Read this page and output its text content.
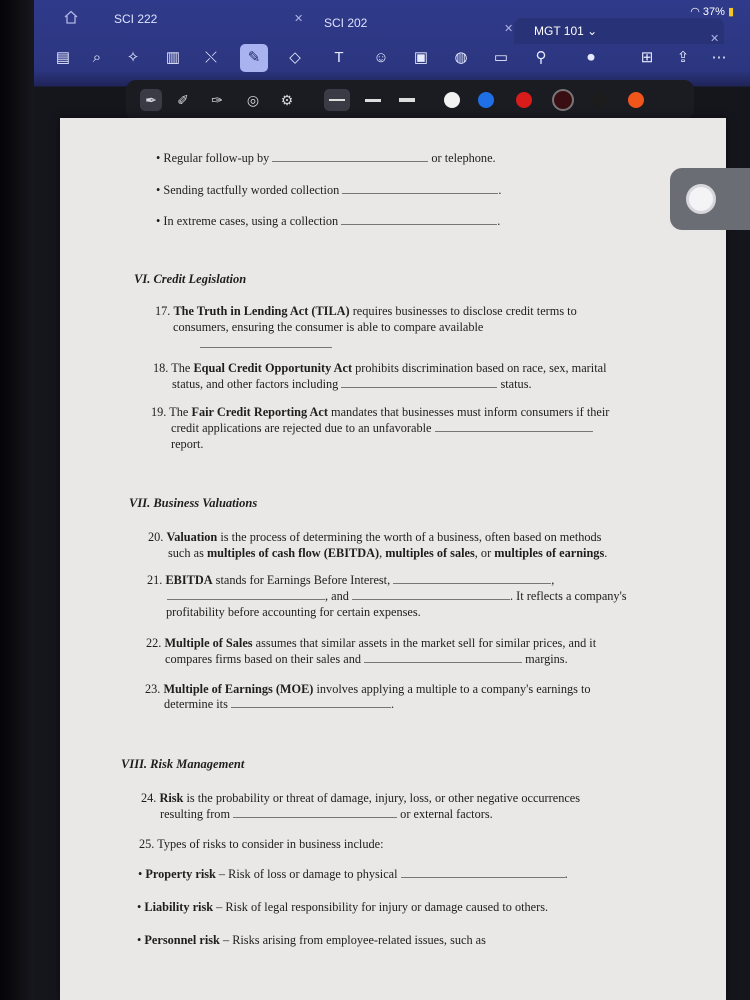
SCI 222	✕ SCI 202	✕ MGT 101 ⌄
◠ 37% ▮
✕
▤	⌕	✧	▥	⤬	✎	◇	T	☺ ▣ ◍ ▭	⚲	⏺	⊞	⇪	⋯
✒	✐	✑	◎	⚙
• Regular follow-up by	or telephone.
• Sending tactfully worded collection	.
• In extreme cases, using a collection	.
VI. Credit Legislation
17. The Truth in Lending Act (TILA) requires businesses to disclose credit terms to
consumers, ensuring the consumer is able to compare available
18. The Equal Credit Opportunity Act prohibits discrimination based on race, sex, marital
status, and other factors including	status.
19. The Fair Credit Reporting Act mandates that businesses must inform consumers if their
credit applications are rejected due to an unfavorable
report.
VII. Business Valuations
20. Valuation is the process of determining the worth of a business, often based on methods
such as multiples of cash flow (EBITDA), multiples of sales, or multiples of earnings.
21. EBITDA stands for Earnings Before Interest,	,
, and	. It reflects a company's
profitability before accounting for certain expenses.
22. Multiple of Sales assumes that similar assets in the market sell for similar prices, and it
compares firms based on their sales and	margins.
23. Multiple of Earnings (MOE) involves applying a multiple to a company's earnings to
determine its	.
VIII. Risk Management
24. Risk is the probability or threat of damage, injury, loss, or other negative occurrences
resulting from	or external factors.
25. Types of risks to consider in business include:
• Property risk – Risk of loss or damage to physical	.
• Liability risk – Risk of legal responsibility for injury or damage caused to others.
• Personnel risk – Risks arising from employee-related issues, such as
